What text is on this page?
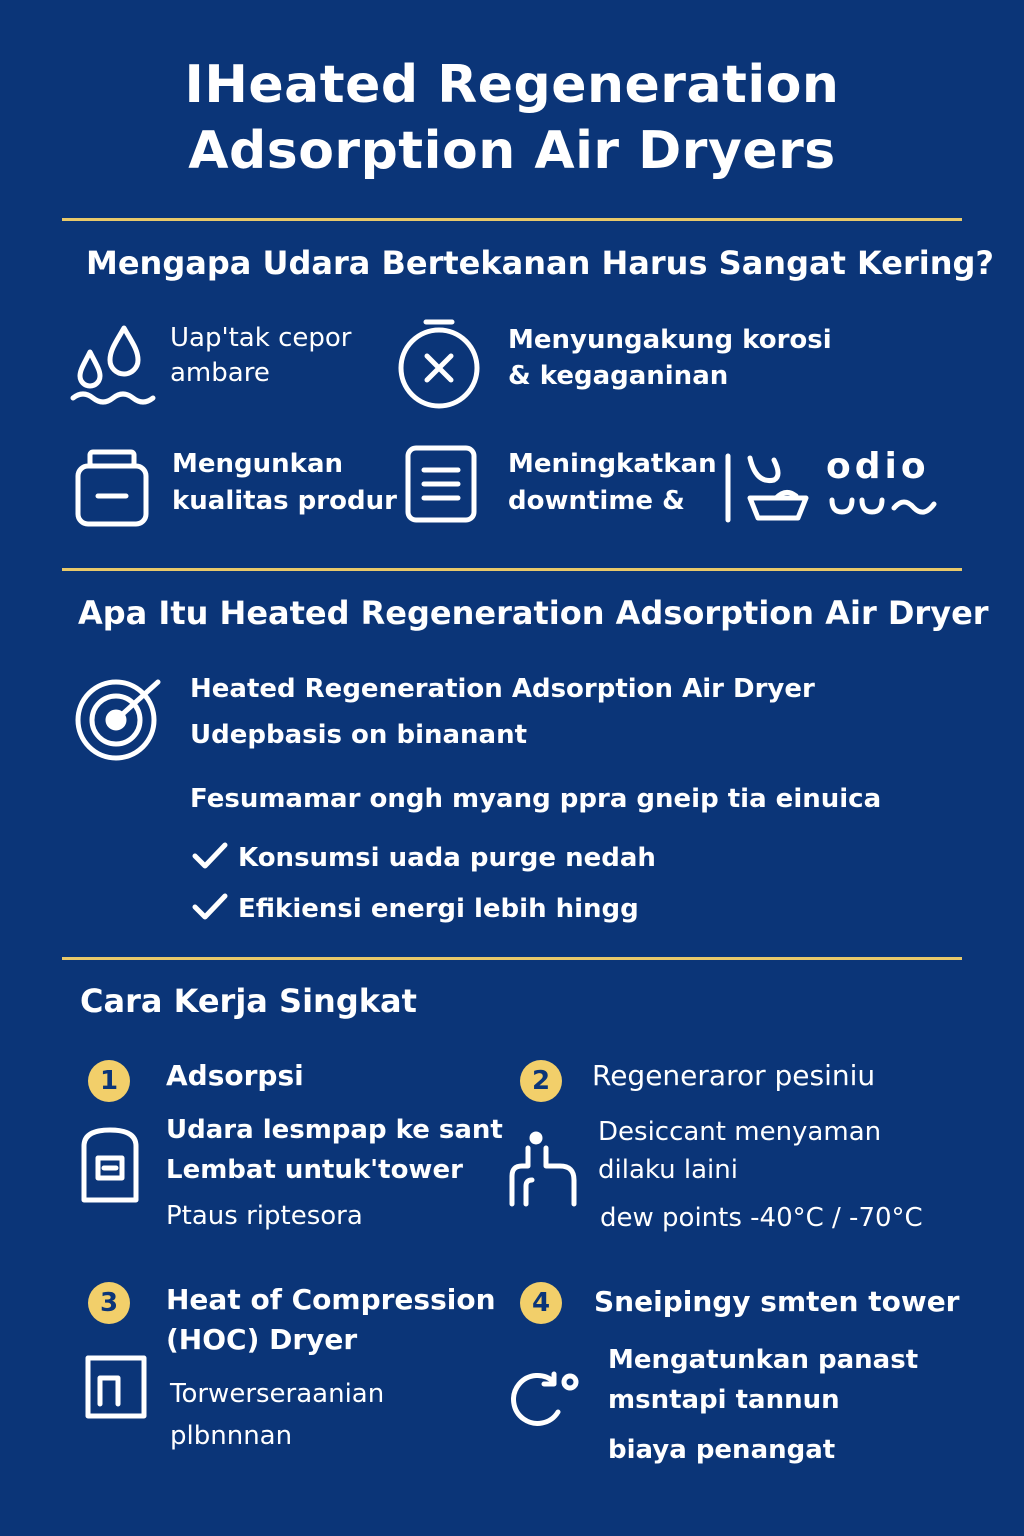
IHeated Regeneration
Adsorption Air Dryers
Mengapa Udara Bertekanan Harus Sangat Kering?
Uap'tak cepor
ambare
Menyungakung korosi
& kegaganinan
Mengunkan
kualitas produr
Meningkatkan
downtime &
odio
Apa Itu Heated Regeneration Adsorption Air Dryer
Heated Regeneration Adsorption Air Dryer
Udepbasis on binanant
Fesumamar ongh myang ppra gneip tia einuica
Konsumsi uada purge nedah
Efikiensi energi lebih hingg
Cara Kerja Singkat
1	Adsorpsi
Udara lesmpap ke sant
Lembat untuk'tower
Ptaus riptesora
2	Regeneraror pesiniu
Desiccant menyaman
dilaku laini
dew points -40°C / -70°C
3	Heat of Compression
(HOC) Dryer
Torwerseraanian
plbnnnan
4	Sneipingy smten tower
Mengatunkan panast
msntapi tannun
biaya penangat
